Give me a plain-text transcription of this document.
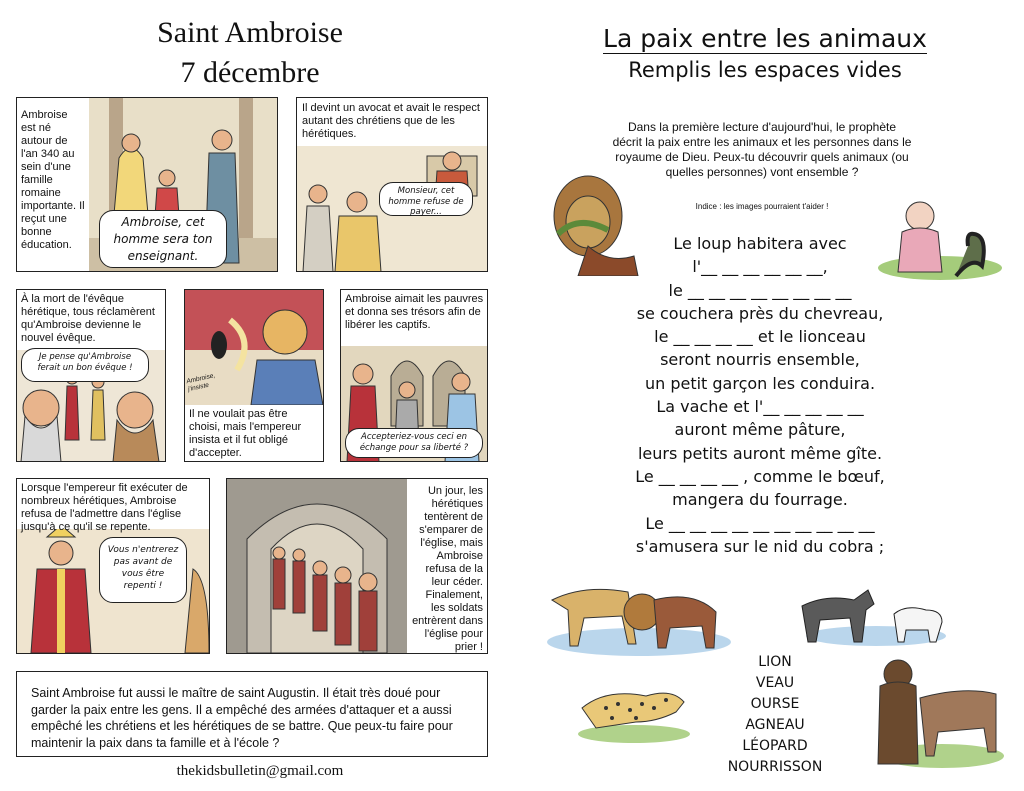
Saint Ambroise
7 décembre
Ambroise est né autour de l'an 340 au sein d'une famille romaine importante. Il reçut une bonne éducation.
Ambroise, cet homme sera ton enseignant.
Il devint un avocat et avait le respect autant des chrétiens que de les hérétiques.
Monsieur, cet homme refuse de payer...
À la mort de l'évêque hérétique, tous réclamèrent qu'Ambroise devienne le nouvel évêque.
Je pense qu'Ambroise ferait un bon évêque !
Ambroise, j'insiste
Il ne voulait pas être choisi, mais l'empereur insista et il fut obligé d'accepter.
Ambroise aimait les pauvres et donna ses trésors afin de libérer les captifs.
Accepteriez-vous ceci en échange pour sa liberté ?
Lorsque l'empereur fit exécuter de nombreux hérétiques, Ambroise refusa de l'admettre dans l'église jusqu'à ce qu'il se repente.
Vous n'entrerez pas avant de vous être repenti !
Un jour, les hérétiques tentèrent de s'emparer de l'église, mais Ambroise refusa de la leur céder. Finalement, les soldats entrèrent dans l'église pour prier !
Saint Ambroise fut aussi le maître de saint Augustin. Il était très doué pour garder la paix entre les gens. Il a empêché des armées d'attaquer et a aussi empêché les chrétiens et les hérétiques de se battre. Que peux-tu faire pour maintenir la paix dans ta famille et à l'école ?
thekidsbulletin@gmail.com
La paix entre les animaux
Remplis les espaces vides
Dans la première lecture d'aujourd'hui, le prophète décrit la paix entre les animaux et les personnes dans le royaume de Dieu. Peux-tu découvrir quels animaux (ou quelles personnes) vont ensemble ?
Indice : les images pourraient t'aider !
Le loup habitera avec
l'__ __ __ __ __ __,
le __ __ __ __ __ __ __ __
se couchera près du chevreau,
le __ __ __ __ et le lionceau
seront nourris ensemble,
un petit garçon les conduira.
La vache et l'__ __ __ __ __
auront même pâture,
leurs petits auront même gîte.
Le __ __ __ __ , comme le bœuf,
mangera du fourrage.
Le __ __ __ __ __ __ __ __ __ __
s'amusera sur le nid du cobra ;
LION
VEAU
OURSE
AGNEAU
LÉOPARD
NOURRISSON
